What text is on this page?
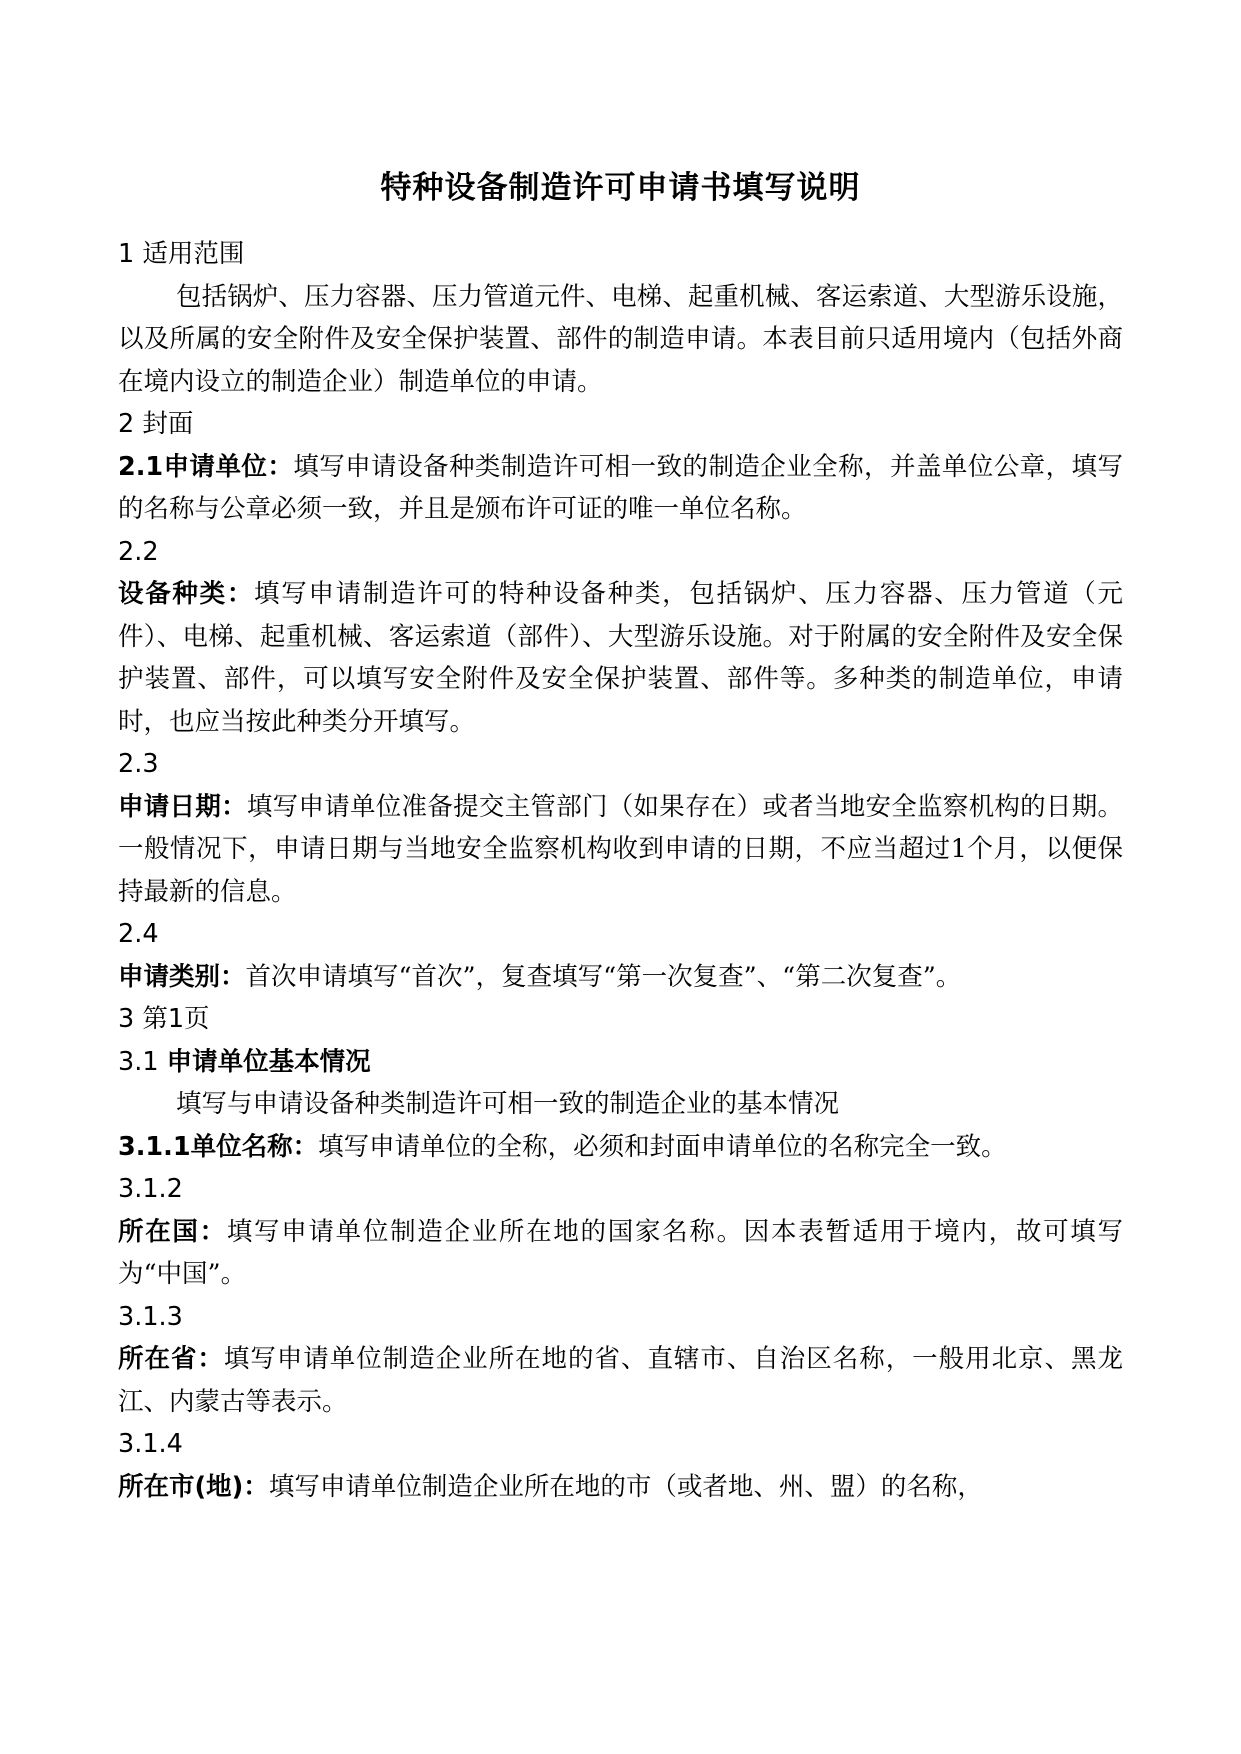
特种设备制造许可申请书填写说明

1 适用范围

包括锅炉、压力容器、压力管道元件、电梯、起重机械、客运索道、大型游乐设施，以及所属的安全附件及安全保护装置、部件的制造申请。本表目前只适用境内（包括外商在境内设立的制造企业）制造单位的申请。

2 封面

2.1申请单位：填写申请设备种类制造许可相一致的制造企业全称，并盖单位公章，填写的名称与公章必须一致，并且是颁布许可证的唯一单位名称。

2.2

设备种类：填写申请制造许可的特种设备种类，包括锅炉、压力容器、压力管道（元件）、电梯、起重机械、客运索道（部件）、大型游乐设施。对于附属的安全附件及安全保护装置、部件，可以填写安全附件及安全保护装置、部件等。多种类的制造单位，申请时，也应当按此种类分开填写。

2.3

申请日期：填写申请单位准备提交主管部门（如果存在）或者当地安全监察机构的日期。一般情况下，申请日期与当地安全监察机构收到申请的日期，不应当超过1个月，以便保持最新的信息。

2.4

申请类别：首次申请填写“首次”，复查填写“第一次复查”、“第二次复查”。

3 第1页

3.1 申请单位基本情况

填写与申请设备种类制造许可相一致的制造企业的基本情况

3.1.1单位名称：填写申请单位的全称，必须和封面申请单位的名称完全一致。

3.1.2

所在国：填写申请单位制造企业所在地的国家名称。因本表暂适用于境内，故可填写为“中国”。

3.1.3

所在省：填写申请单位制造企业所在地的省、直辖市、自治区名称，一般用北京、黑龙江、内蒙古等表示。

3.1.4

所在市(地)：填写申请单位制造企业所在地的市（或者地、州、盟）的名称，
